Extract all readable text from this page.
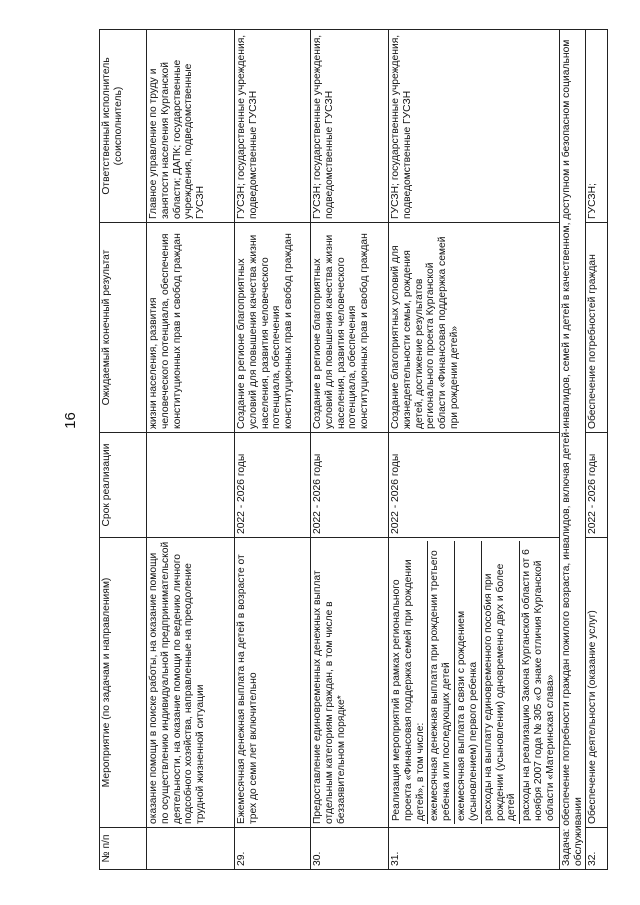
16
№ п/п	Мероприятие (по задачам и направлениям)	Срок реализации	Ожидаемый конечный результат	Ответственный исполнитель (соисполнитель)
	оказание помощи в поиске работы, на оказание помощи по осуществлению индивидуальной предпринимательской деятельности, на оказание помощи по ведению личного подсобного хозяйства, направленные на преодоление трудной жизненной ситуации		жизни населения, развития человеческого потенциала, обеспечения конституционных прав и свобод граждан	Главное управление по труду и занятости населения Курганской области; ДАПК; государственные учреждения, подведомственные ГУСЗН
29.	Ежемесячная денежная выплата на детей в возрасте от трех до семи лет включительно	2022 - 2026 годы	Создание в регионе благоприятных условий для повышения качества жизни населения, развития человеческого потенциала, обеспечения конституционных прав и свобод граждан	ГУСЗН; государственные учреждения, подведомственные ГУСЗН
30.	Предоставление единовременных денежных выплат отдельным категориям граждан, в том числе в беззаявительном порядке*	2022 - 2026 годы	Создание в регионе благоприятных условий для повышения качества жизни населения, развития человеческого потенциала, обеспечения конституционных прав и свобод граждан	ГУСЗН; государственные учреждения, подведомственные ГУСЗН
31.	Реализация мероприятий в рамках регионального проекта «Финансовая поддержка семей при рождении детей», в том числе: ежемесячная денежная выплата при рождении третьего ребенка или последующих детей ежемесячная выплата в связи с рождением (усыновлением) первого ребенка расходы на выплату единовременного пособия при рождении (усыновлении) одновременно двух и более детей расходы на реализацию Закона Курганской области от 6 ноября 2007 года № 305 «О знаке отличия Курганской области «Материнская слава»	2022 - 2026 годы	Создание благоприятных условий для жизнедеятельности семьи, рождения детей, достижение результатов регионального проекта Курганской области «Финансовая поддержка семей при рождении детей»	ГУСЗН; государственные учреждения, подведомственные ГУСЗН
Задача: обеспечение потребности граждан пожилого возраста, инвалидов, включая детей-инвалидов, семей и детей в качественном, доступном и безопасном социальном обслуживании				
32.	Обеспечение деятельности (оказание услуг)	2022 - 2026 годы	Обеспечение потребностей граждан	ГУСЗН;
